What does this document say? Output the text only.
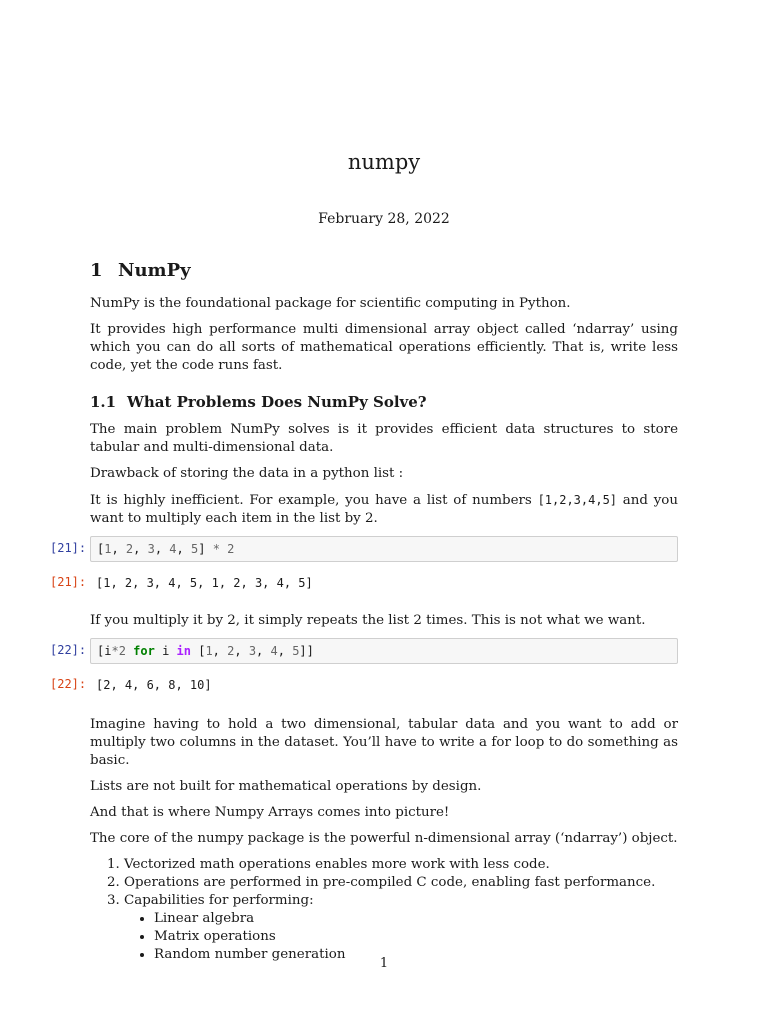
numpy
February 28, 2022
1 NumPy

NumPy is the foundational package for scientific computing in Python.

It provides high performance multi dimensional array object called ‘ndarray’ using which you can do all sorts of mathematical operations efficiently. That is, write less code, yet the code runs fast.

1.1 What Problems Does NumPy Solve?

The main problem NumPy solves is it provides efficient data structures to store tabular and multi-dimensional data.

Drawback of storing the data in a python list :

It is highly inefficient. For example, you have a list of numbers [1,2,3,4,5] and you want to multiply each item in the list by 2.

[21]: [1, 2, 3, 4, 5] * 2
[21]: [1, 2, 3, 4, 5, 1, 2, 3, 4, 5]

If you multiply it by 2, it simply repeats the list 2 times. This is not what we want.

[22]: [i*2 for i in [1, 2, 3, 4, 5]]
[22]: [2, 4, 6, 8, 10]

Imagine having to hold a two dimensional, tabular data and you want to add or multiply two columns in the dataset. You’ll have to write a for loop to do something as basic.

Lists are not built for mathematical operations by design.

And that is where Numpy Arrays comes into picture!

The core of the numpy package is the powerful n-dimensional array (‘ndarray’) object.

1. Vectorized math operations enables more work with less code.
2. Operations are performed in pre-compiled C code, enabling fast performance.
3. Capabilities for performing:
• Linear algebra
• Matrix operations
• Random number generation
1
